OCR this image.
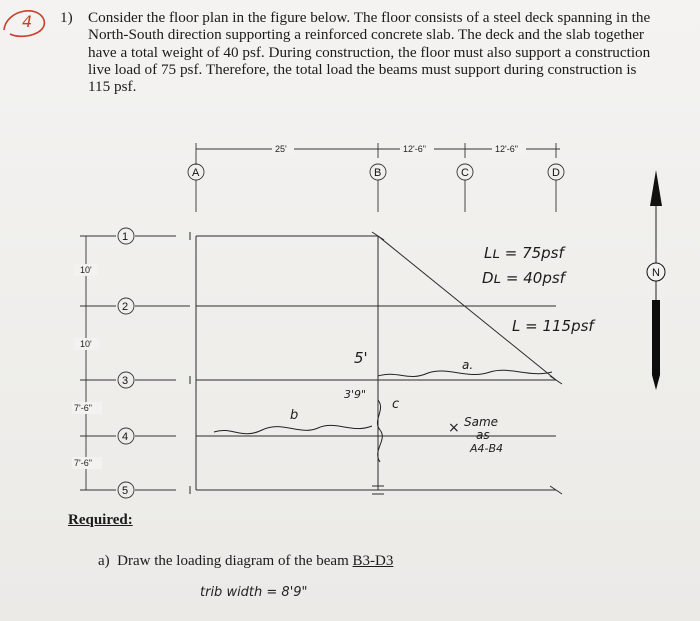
1) Consider the floor plan in the figure below. The floor consists of a steel deck spanning in the
North-South direction supporting a reinforced concrete slab. The deck and the slab together
have a total weight of 40 psf. During construction, the floor must also support a construction
live load of 75 psf. Therefore, the total load the beams must support during construction is
115 psf.
4
25'	12'-6"	12'-6"
A	B	C	D
10'
10'
7'-6"
7'-6"
1
2
3
4
5
N
Lʟ = 75psf
Dʟ = 40psf
L = 115psf
5'
3'9"
a.
b
c
× Same
as
A4-B4
Required:
a) Draw the loading diagram of the beam B3-D3
trib width = 8'9"
